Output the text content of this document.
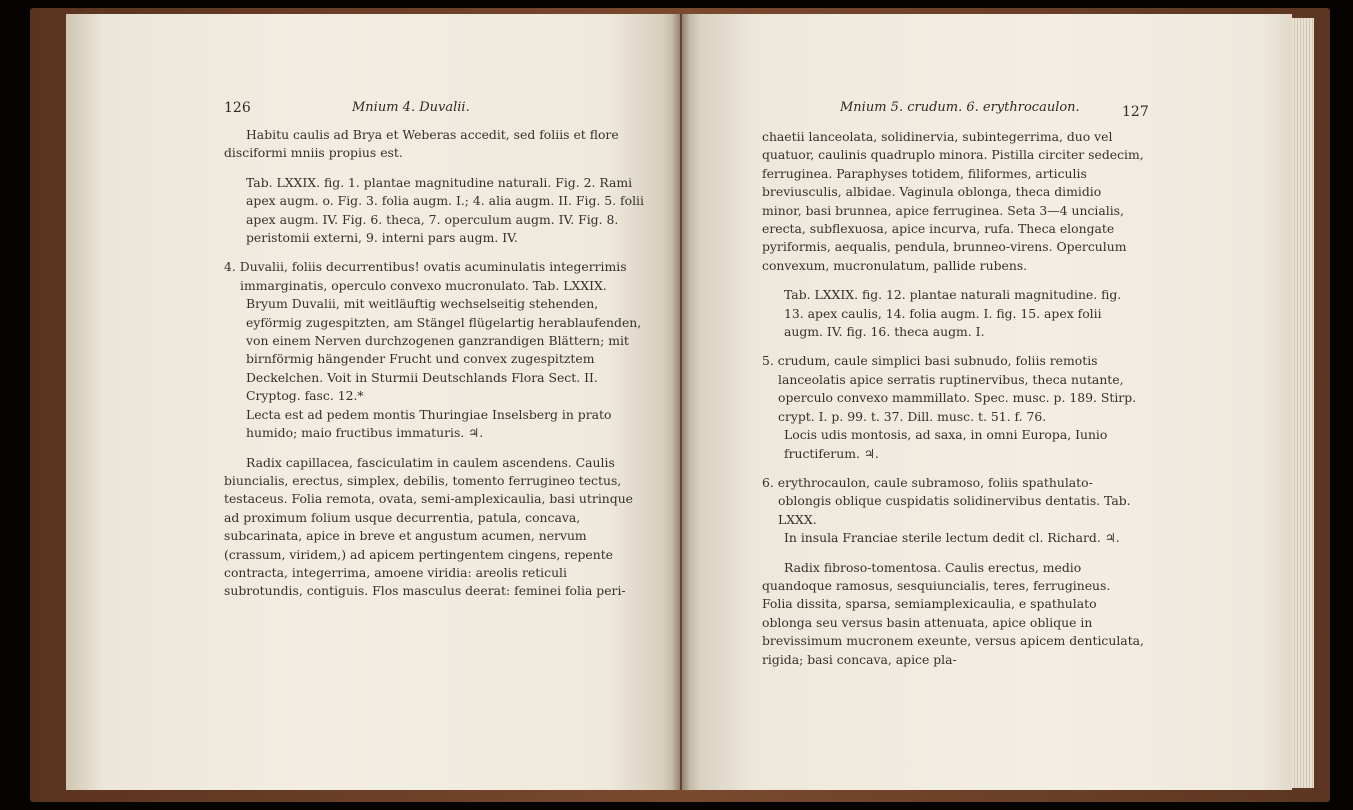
126	Mnium 4. Duvalii.

Habitu caulis ad Brya et Weberas accedit, sed foliis et flore disciformi mniis propius est.

Tab. LXXIX. fig. 1. plantae magnitudine naturali. Fig. 2. Rami apex augm. o. Fig. 3. folia augm. I.; 4. alia augm. II. Fig. 5. folii apex augm. IV. Fig. 6. theca, 7. operculum augm. IV. Fig. 8. peristomii externi, 9. interni pars augm. IV.

4. Duvalii, foliis decurrentibus! ovatis acuminulatis integerrimis immarginatis, operculo convexo mucronulato. Tab. LXXIX.

Bryum Duvalii, mit weitläuftig wechselseitig stehenden, eyförmig zugespitzten, am Stängel flügelartig herablaufenden, von einem Nerven durchzogenen ganzrandigen Blättern; mit birnförmig hängender Frucht und convex zugespitztem Deckelchen. Voit in Sturmii Deutschlands Flora Sect. II. Cryptog. fasc. 12.*

Lecta est ad pedem montis Thuringiae Inselsberg in prato humido; maio fructibus immaturis. ♃.

Radix capillacea, fasciculatim in caulem ascendens. Caulis biuncialis, erectus, simplex, debilis, tomento ferrugineo tectus, testaceus. Folia remota, ovata, semi-amplexicaulia, basi utrinque ad proximum folium usque decurrentia, patula, concava, subcarinata, apice in breve et angustum acumen, nervum (crassum, viridem,) ad apicem pertingentem cingens, repente contracta, integerrima, amoene viridia: areolis reticuli subrotundis, contiguis. Flos masculus deerat: feminei folia peri-

Mnium 5. crudum. 6. erythrocaulon.	127

chaetii lanceolata, solidinervia, subintegerrima, duo vel quatuor, caulinis quadruplo minora. Pistilla circiter sedecim, ferruginea. Paraphyses totidem, filiformes, articulis breviusculis, albidae. Vaginula oblonga, theca dimidio minor, basi brunnea, apice ferruginea. Seta 3—4 uncialis, erecta, subflexuosa, apice incurva, rufa. Theca elongate pyriformis, aequalis, pendula, brunneo-virens. Operculum convexum, mucronulatum, pallide rubens.

Tab. LXXIX. fig. 12. plantae naturali magnitudine. fig. 13. apex caulis, 14. folia augm. I. fig. 15. apex folii augm. IV. fig. 16. theca augm. I.

5. crudum, caule simplici basi subnudo, foliis remotis lanceolatis apice serratis ruptinervibus, theca nutante, operculo convexo mammillato. Spec. musc. p. 189. Stirp. crypt. I. p. 99. t. 37. Dill. musc. t. 51. f. 76.

Locis udis montosis, ad saxa, in omni Europa, Iunio fructiferum. ♃.

6. erythrocaulon, caule subramoso, foliis spathulato-oblongis oblique cuspidatis solidinervibus dentatis. Tab. LXXX.

In insula Franciae sterile lectum dedit cl. Richard. ♃.

Radix fibroso-tomentosa. Caulis erectus, medio quandoque ramosus, sesquiuncialis, teres, ferrugineus. Folia dissita, sparsa, semiamplexicaulia, e spathulato oblonga seu versus basin attenuata, apice oblique in brevissimum mucronem exeunte, versus apicem denticulata, rigida; basi concava, apice pla-
